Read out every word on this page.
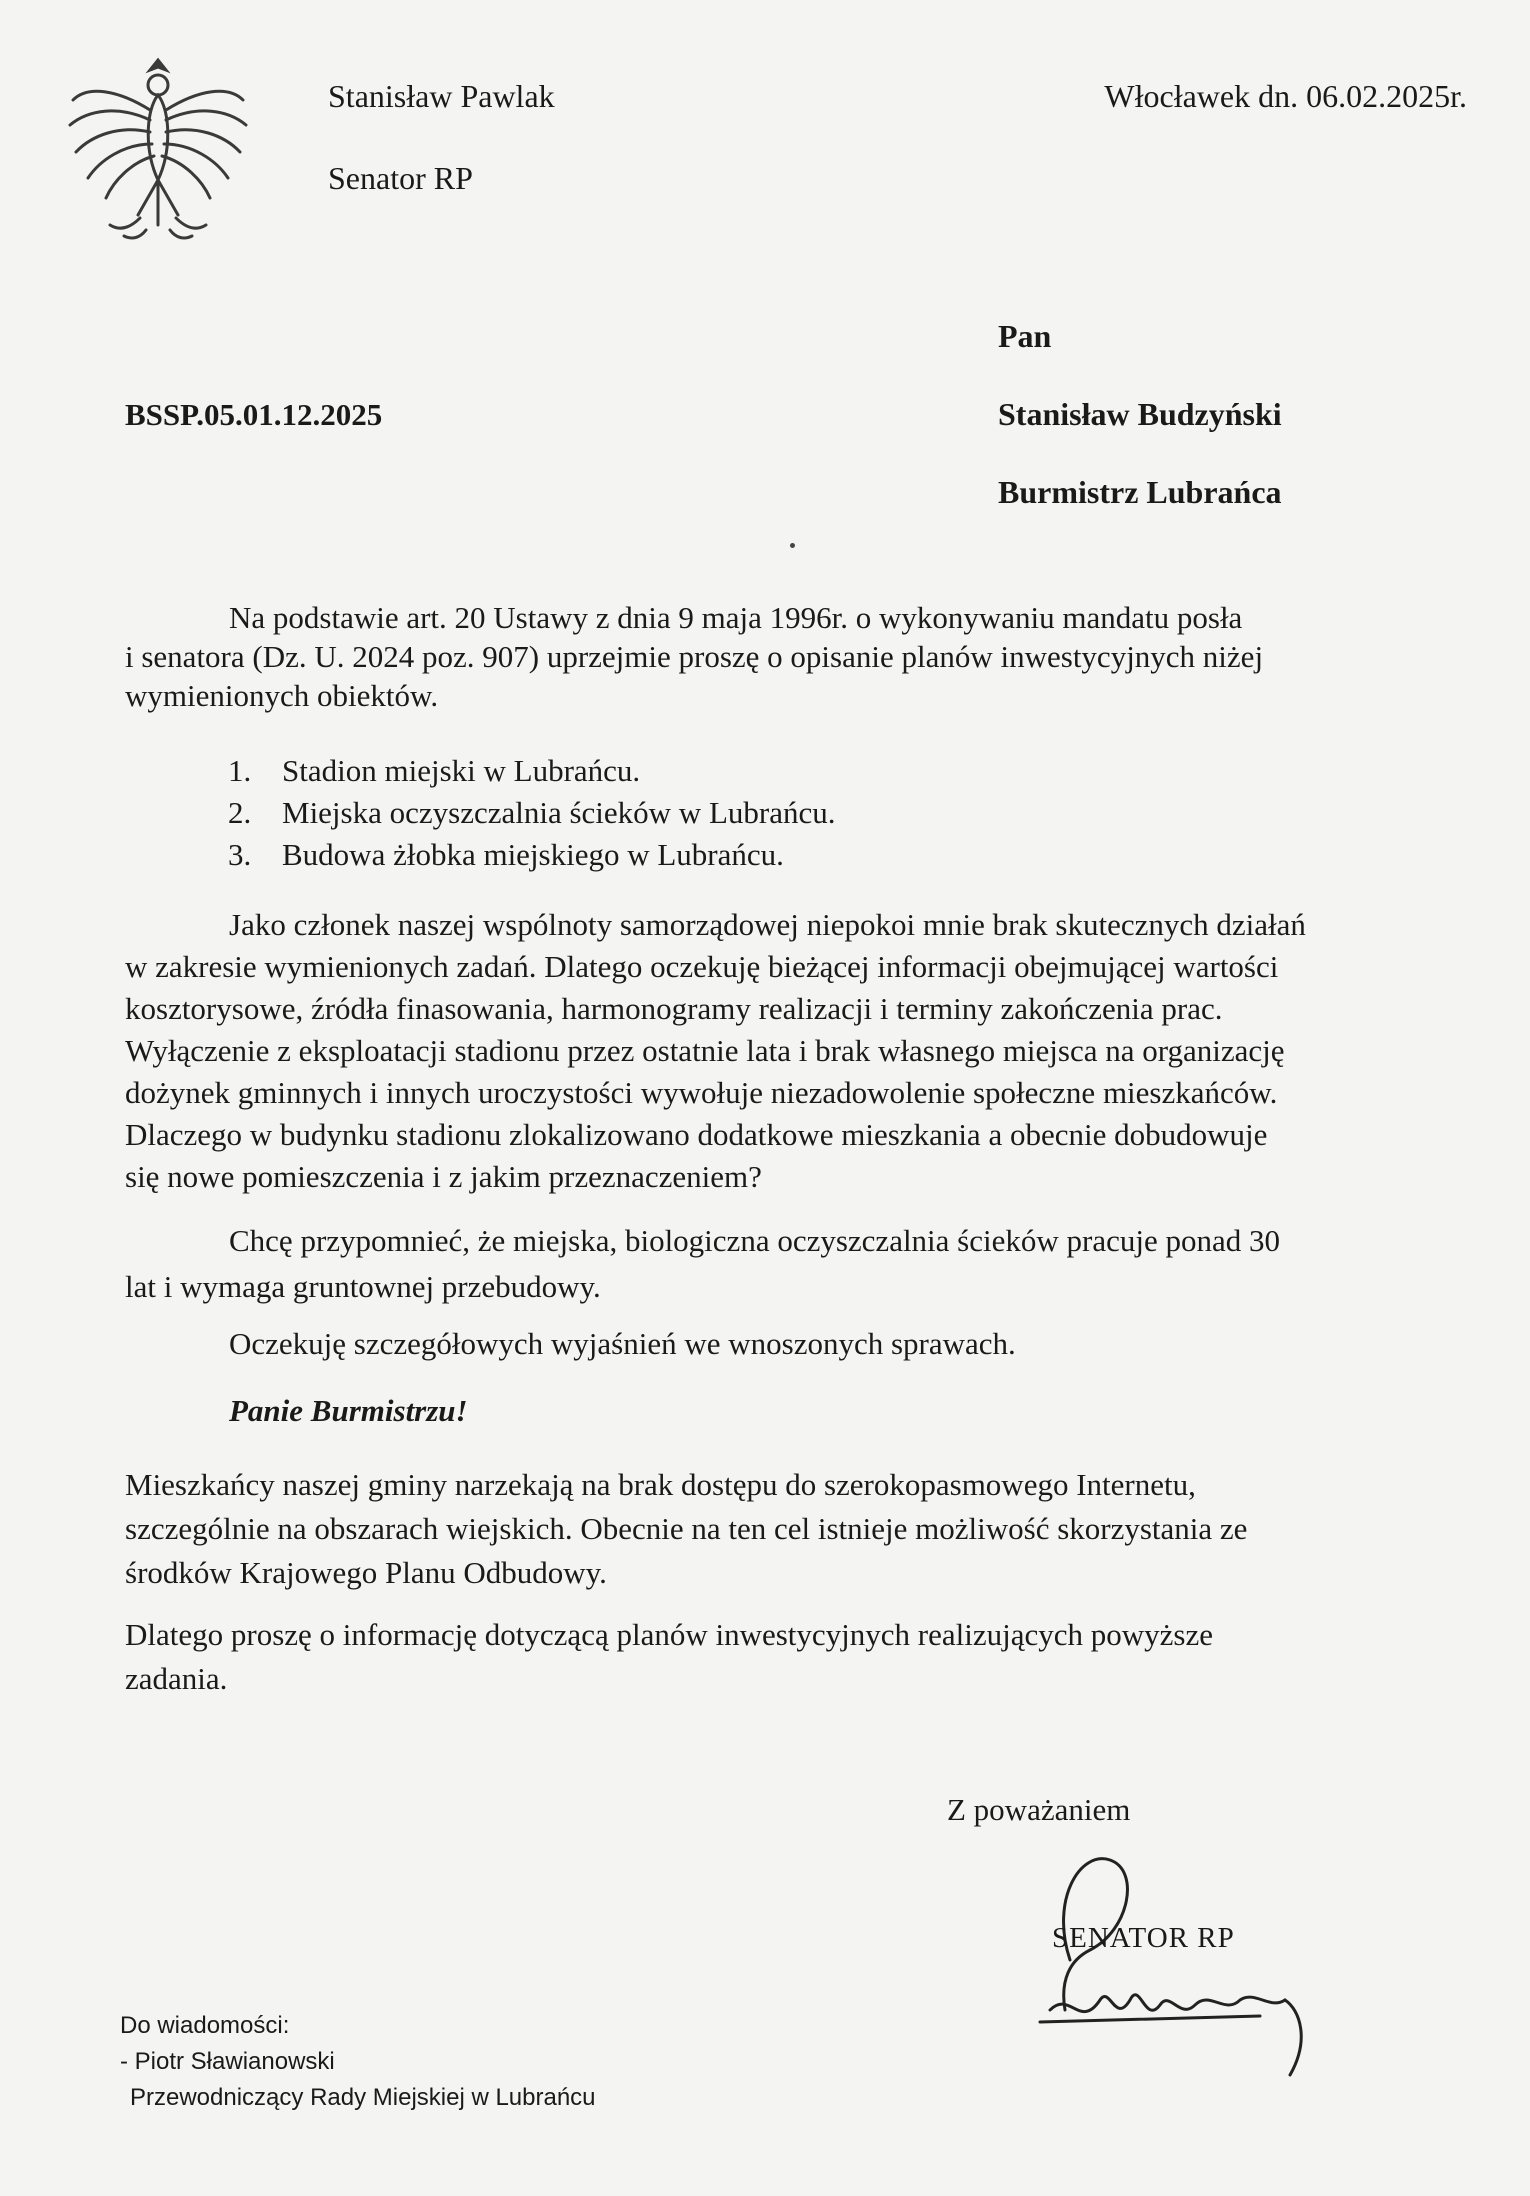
Stanisław Pawlak
Senator RP
Włocławek dn. 06.02.2025r.
BSSP.05.01.12.2025
Pan
Stanisław Budzyński
Burmistrz Lubrańca

Na podstawie art. 20 Ustawy z dnia 9 maja 1996r. o wykonywaniu mandatu posła

i senatora (Dz. U. 2024 poz. 907) uprzejmie proszę o opisanie planów inwestycyjnych niżej

wymienionych obiektów.

1. Stadion miejski w Lubrańcu.
2. Miejska oczyszczalnia ścieków w Lubrańcu.
3. Budowa żłobka miejskiego w Lubrańcu.

Jako członek naszej wspólnoty samorządowej niepokoi mnie brak skutecznych działań

w zakresie wymienionych zadań. Dlatego oczekuję bieżącej informacji obejmującej wartości

kosztorysowe, źródła finasowania, harmonogramy realizacji i terminy zakończenia prac.

Wyłączenie z eksploatacji stadionu przez ostatnie lata i brak własnego miejsca na organizację

dożynek gminnych i innych uroczystości wywołuje niezadowolenie społeczne mieszkańców.

Dlaczego w budynku stadionu zlokalizowano dodatkowe mieszkania a obecnie dobudowuje

się nowe pomieszczenia i z jakim przeznaczeniem?

Chcę przypomnieć, że miejska, biologiczna oczyszczalnia ścieków pracuje ponad 30

lat i wymaga gruntownej przebudowy.

Oczekuję szczegółowych wyjaśnień we wnoszonych sprawach.

Panie Burmistrzu!

Mieszkańcy naszej gminy narzekają na brak dostępu do szerokopasmowego Internetu,

szczególnie na obszarach wiejskich. Obecnie na ten cel istnieje możliwość skorzystania ze

środków Krajowego Planu Odbudowy.

Dlatego proszę o informację dotyczącą planów inwestycyjnych realizujących powyższe

zadania.

Z poważaniem
SENATOR RP
Do wiadomości:
- Piotr Sławianowski
Przewodniczący Rady Miejskiej w Lubrańcu
